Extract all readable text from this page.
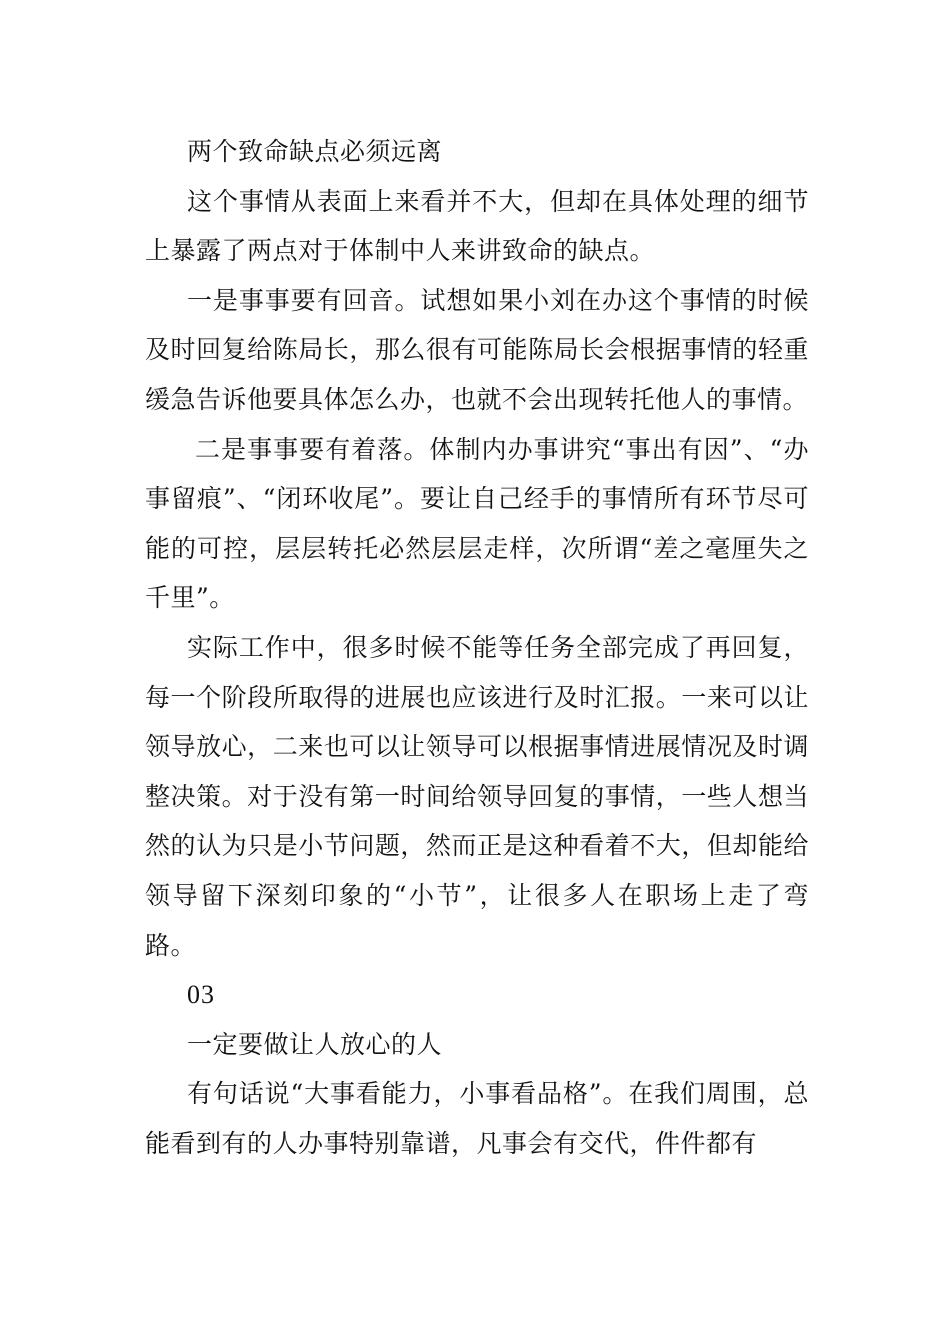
两个致命缺点必须远离

这个事情从表面上来看并不大，但却在具体处理的细节上暴露了两点对于体制中人来讲致命的缺点。

一是事事要有回音。试想如果小刘在办这个事情的时候及时回复给陈局长，那么很有可能陈局长会根据事情的轻重缓急告诉他要具体怎么办，也就不会出现转托他人的事情。

二是事事要有着落。体制内办事讲究“事出有因”、“办事留痕”、“闭环收尾”。要让自己经手的事情所有环节尽可能的可控，层层转托必然层层走样，次所谓“差之毫厘失之千里”。

实际工作中，很多时候不能等任务全部完成了再回复，每一个阶段所取得的进展也应该进行及时汇报。一来可以让领导放心，二来也可以让领导可以根据事情进展情况及时调整决策。对于没有第一时间给领导回复的事情，一些人想当然的认为只是小节问题，然而正是这种看着不大，但却能给领导留下深刻印象的“小节”，让很多人在职场上走了弯路。

03

一定要做让人放心的人

有句话说“大事看能力，小事看品格”。在我们周围，总能看到有的人办事特别靠谱，凡事会有交代，件件都有
